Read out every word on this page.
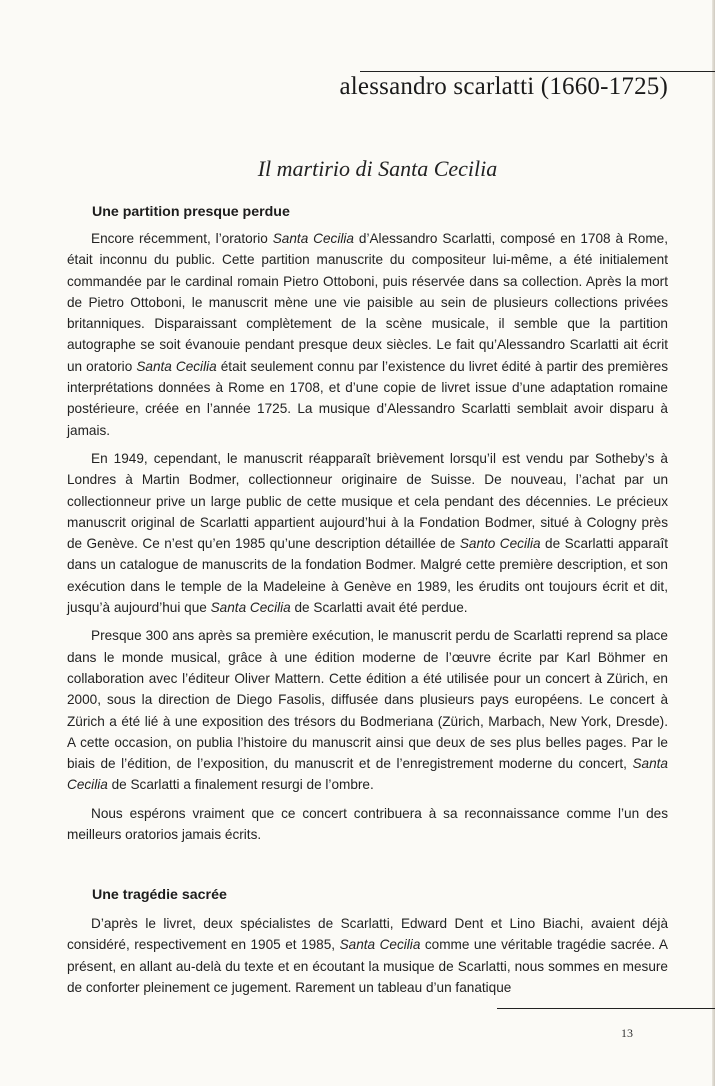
alessandro scarlatti (1660-1725)
Il martirio di Santa Cecilia
Une partition presque perdue

Encore récemment, l’oratorio Santa Cecilia d’Alessandro Scarlatti, composé en 1708 à Rome, était inconnu du public. Cette partition manuscrite du compositeur lui-même, a été initialement commandée par le cardinal romain Pietro Ottoboni, puis réservée dans sa collection. Après la mort de Pietro Ottoboni, le manuscrit mène une vie paisible au sein de plusieurs collections privées britanniques. Disparaissant complètement de la scène musicale, il semble que la partition autographe se soit évanouie pendant presque deux siècles. Le fait qu’Alessandro Scarlatti ait écrit un oratorio Santa Cecilia était seulement connu par l’existence du livret édité à partir des premières interprétations données à Rome en 1708, et d’une copie de livret issue d’une adaptation romaine postérieure, créée en l’année 1725. La musique d’Alessandro Scarlatti semblait avoir disparu à jamais.

En 1949, cependant, le manuscrit réapparaît brièvement lorsqu’il est vendu par Sotheby’s à Londres à Martin Bodmer, collectionneur originaire de Suisse. De nouveau, l’achat par un collectionneur prive un large public de cette musique et cela pendant des décennies. Le précieux manuscrit original de Scarlatti appartient aujourd’hui à la Fondation Bodmer, situé à Cologny près de Genève. Ce n’est qu’en 1985 qu’une description détaillée de Santo Cecilia de Scarlatti apparaît dans un catalogue de manuscrits de la fondation Bodmer. Malgré cette première description, et son exécution dans le temple de la Madeleine à Genève en 1989, les érudits ont toujours écrit et dit, jusqu’à aujourd’hui que Santa Cecilia de Scarlatti avait été perdue.

Presque 300 ans après sa première exécution, le manuscrit perdu de Scarlatti reprend sa place dans le monde musical, grâce à une édition moderne de l’œuvre écrite par Karl Böhmer en collaboration avec l’éditeur Oliver Mattern. Cette édition a été utilisée pour un concert à Zürich, en 2000, sous la direction de Diego Fasolis, diffusée dans plusieurs pays européens. Le concert à Zürich a été lié à une exposition des trésors du Bodmeriana (Zürich, Marbach, New York, Dresde). A cette occasion, on publia l’histoire du manuscrit ainsi que deux de ses plus belles pages. Par le biais de l’édition, de l’exposition, du manuscrit et de l’enregistrement moderne du concert, Santa Cecilia de Scarlatti a finalement resurgi de l’ombre.

Nous espérons vraiment que ce concert contribuera à sa reconnaissance comme l’un des meilleurs oratorios jamais écrits.

Une tragédie sacrée

D’après le livret, deux spécialistes de Scarlatti, Edward Dent et Lino Biachi, avaient déjà considéré, respectivement en 1905 et 1985, Santa Cecilia comme une véritable tragédie sacrée. A présent, en allant au-delà du texte et en écoutant la musique de Scarlatti, nous sommes en mesure de conforter pleinement ce jugement. Rarement un tableau d’un fanatique

13
